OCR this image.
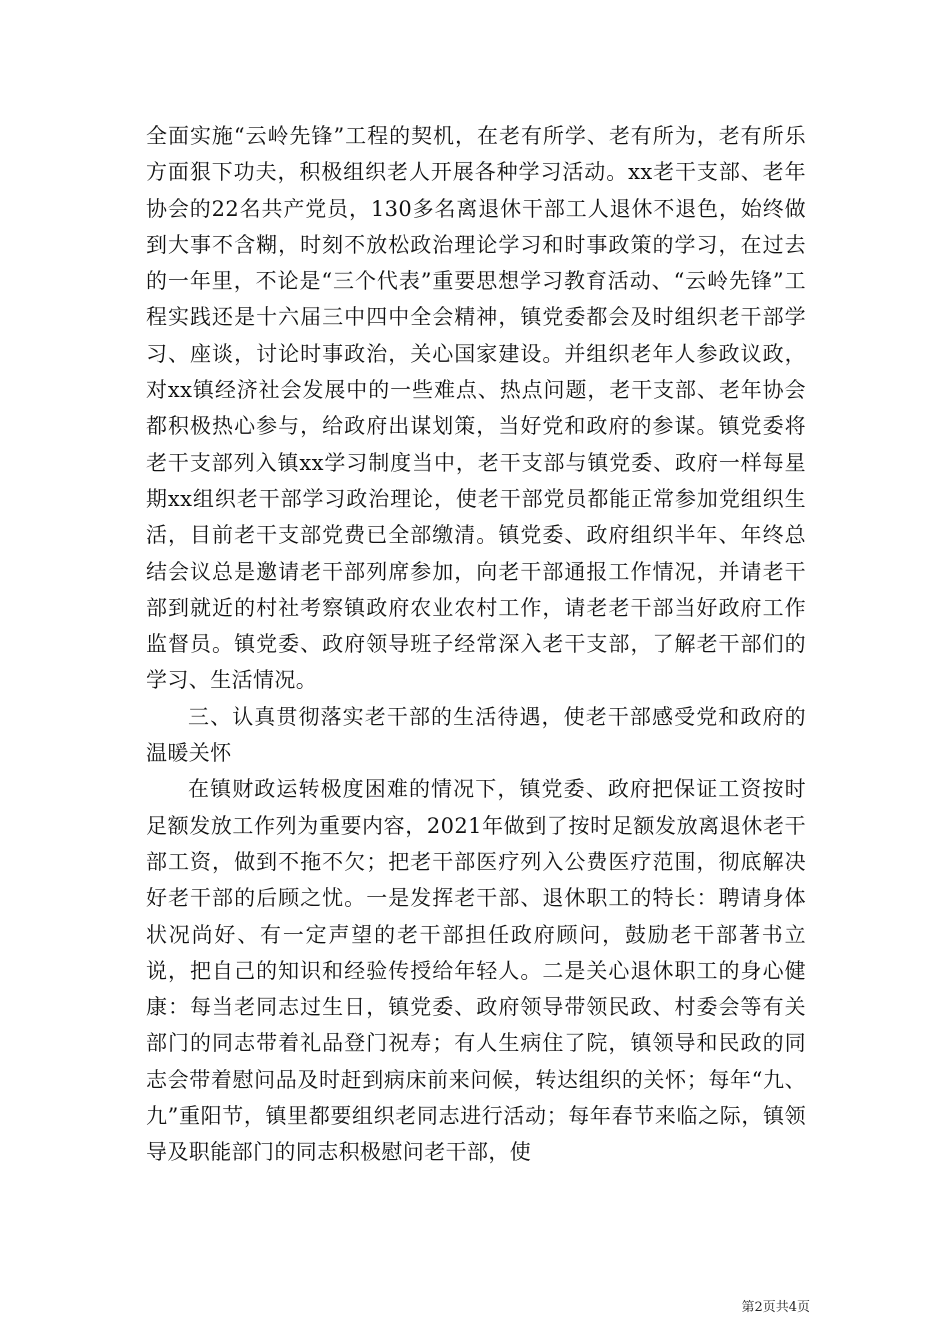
全面实施“云岭先锋”工程的契机，在老有所学、老有所为，老有所乐方面狠下功夫，积极组织老人开展各种学习活动。xx老干支部、老年协会的22名共产党员，130多名离退休干部工人退休不退色，始终做到大事不含糊，时刻不放松政治理论学习和时事政策的学习，在过去的一年里，不论是“三个代表”重要思想学习教育活动、“云岭先锋”工程实践还是十六届三中四中全会精神，镇党委都会及时组织老干部学习、座谈，讨论时事政治，关心国家建设。并组织老年人参政议政，对xx镇经济社会发展中的一些难点、热点问题，老干支部、老年协会都积极热心参与，给政府出谋划策，当好党和政府的参谋。镇党委将老干支部列入镇xx学习制度当中，老干支部与镇党委、政府一样每星期xx组织老干部学习政治理论，使老干部党员都能正常参加党组织生活，目前老干支部党费已全部缴清。镇党委、政府组织半年、年终总结会议总是邀请老干部列席参加，向老干部通报工作情况，并请老干部到就近的村社考察镇政府农业农村工作，请老老干部当好政府工作监督员。镇党委、政府领导班子经常深入老干支部，了解老干部们的学习、生活情况。

三、认真贯彻落实老干部的生活待遇，使老干部感受党和政府的温暖关怀

在镇财政运转极度困难的情况下，镇党委、政府把保证工资按时足额发放工作列为重要内容，2021年做到了按时足额发放离退休老干部工资，做到不拖不欠；把老干部医疗列入公费医疗范围，彻底解决好老干部的后顾之忧。一是发挥老干部、退休职工的特长：聘请身体状况尚好、有一定声望的老干部担任政府顾问，鼓励老干部著书立说，把自己的知识和经验传授给年轻人。二是关心退休职工的身心健康：每当老同志过生日，镇党委、政府领导带领民政、村委会等有关部门的同志带着礼品登门祝寿；有人生病住了院，镇领导和民政的同志会带着慰问品及时赶到病床前来问候，转达组织的关怀；每年“九、九”重阳节，镇里都要组织老同志进行活动；每年春节来临之际，镇领导及职能部门的同志积极慰问老干部，使

第2页共4页
